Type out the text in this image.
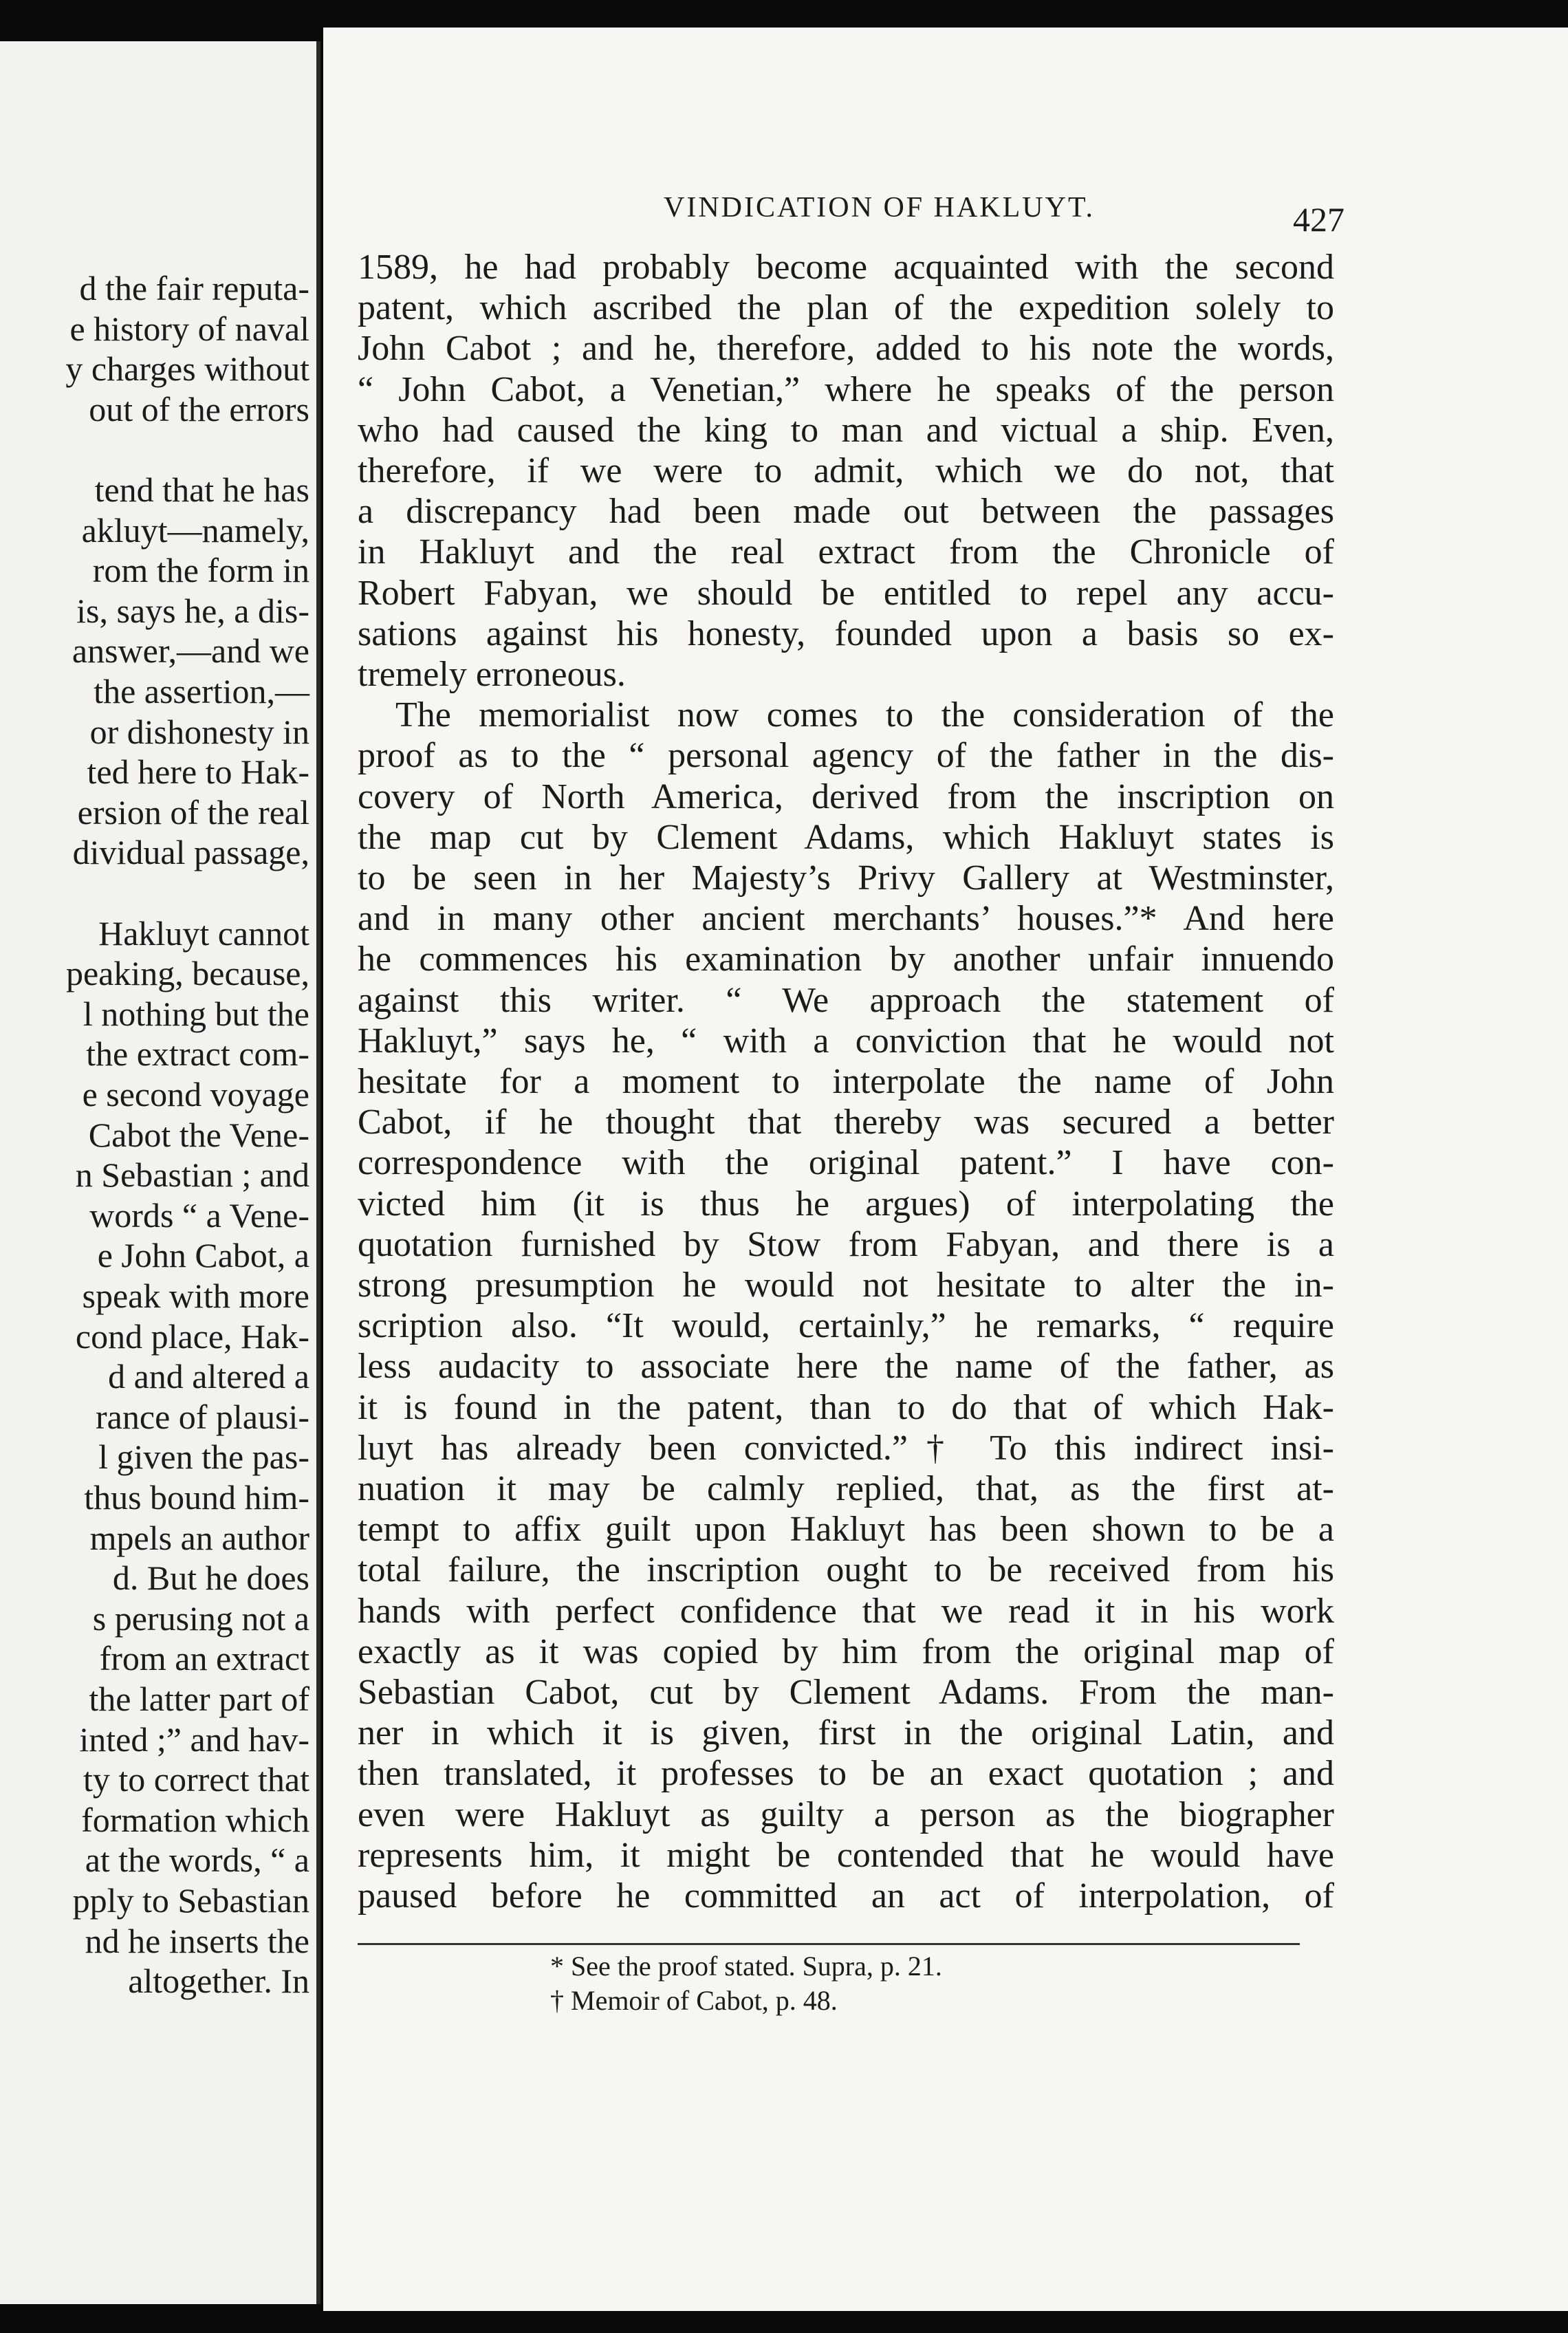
d the fair reputa-
e history of naval
y charges without
out of the errors
tend that he has
akluyt—namely,
rom the form in
is, says he, a dis-
answer,—and we
the assertion,—
or dishonesty in
ted here to Hak-
ersion of the real
dividual passage,
Hakluyt cannot
peaking, because,
l nothing but the
the extract com-
e second voyage
Cabot the Vene-
n Sebastian ; and
words “ a Vene-
e John Cabot, a
speak with more
cond place, Hak-
d and altered a
rance of plausi-
l given the pas-
thus bound him-
mpels an author
d. But he does
s perusing not a
from an extract
the latter part of
inted ;” and hav-
ty to correct that
formation which
at the words, “ a
pply to Sebastian
nd he inserts the
altogether. In
VINDICATION OF HAKLUYT.	427
1589, he had probably become acquainted with the second
patent, which ascribed the plan of the expedition solely to
John Cabot ; and he, therefore, added to his note the words,
“ John Cabot, a Venetian,” where he speaks of the person
who had caused the king to man and victual a ship. Even,
therefore, if we were to admit, which we do not, that
a discrepancy had been made out between the passages
in Hakluyt and the real extract from the Chronicle of
Robert Fabyan, we should be entitled to repel any accu-
sations against his honesty, founded upon a basis so ex-
tremely erroneous.
The memorialist now comes to the consideration of the
proof as to the “ personal agency of the father in the dis-
covery of North America, derived from the inscription on
the map cut by Clement Adams, which Hakluyt states is
to be seen in her Majesty’s Privy Gallery at Westminster,
and in many other ancient merchants’ houses.”* And here
he commences his examination by another unfair innuendo
against this writer. “ We approach the statement of
Hakluyt,” says he, “ with a conviction that he would not
hesitate for a moment to interpolate the name of John
Cabot, if he thought that thereby was secured a better
correspondence with the original patent.” I have con-
victed him (it is thus he argues) of interpolating the
quotation furnished by Stow from Fabyan, and there is a
strong presumption he would not hesitate to alter the in-
scription also. “It would, certainly,” he remarks, “ require
less audacity to associate here the name of the father, as
it is found in the patent, than to do that of which Hak-
luyt has already been convicted.”† To this indirect insi-
nuation it may be calmly replied, that, as the first at-
tempt to affix guilt upon Hakluyt has been shown to be a
total failure, the inscription ought to be received from his
hands with perfect confidence that we read it in his work
exactly as it was copied by him from the original map of
Sebastian Cabot, cut by Clement Adams. From the man-
ner in which it is given, first in the original Latin, and
then translated, it professes to be an exact quotation ; and
even were Hakluyt as guilty a person as the biographer
represents him, it might be contended that he would have
paused before he committed an act of interpolation, of
* See the proof stated. Supra, p. 21.
† Memoir of Cabot, p. 48.
